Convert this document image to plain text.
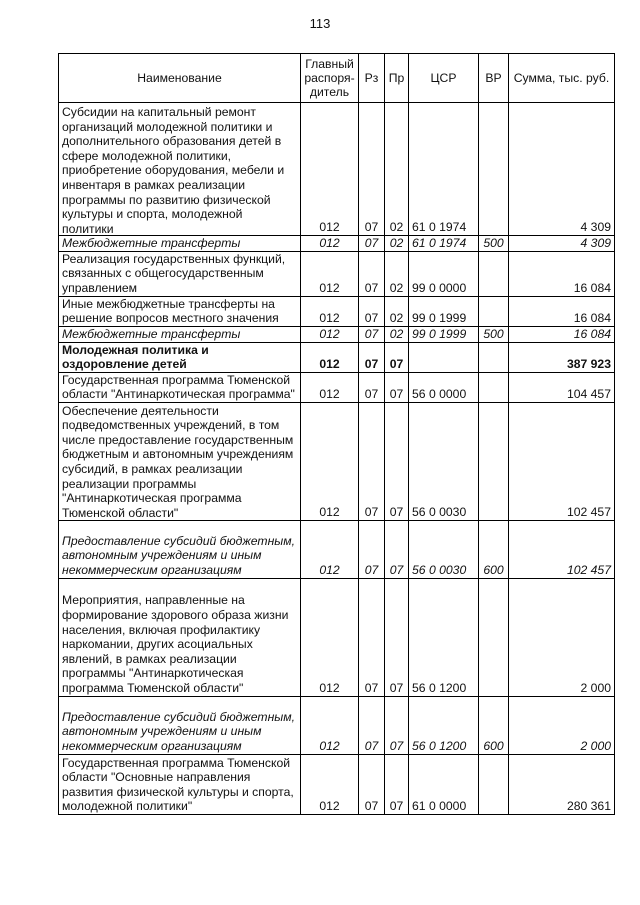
113
Наименование	Главный распоря-дитель	Рз	Пр	ЦСР	ВР	Сумма, тыс. руб.

Субсидии на капитальный ремонт организаций молодежной политики и дополнительного образования детей в сфере молодежной политики, приобретение оборудования, мебели и инвентаря в рамках реализации программы по развитию физической культуры и спорта, молодежной политики	012	07	02	61 0 1974		4 309

Межбюджетные трансферты	012	07	02	61 0 1974	500	4 309

Реализация государственных функций, связанных с общегосударственным управлением	012	07	02	99 0 0000		16 084

Иные межбюджетные трансферты на решение вопросов местного значения	012	07	02	99 0 1999		16 084

Межбюджетные трансферты	012	07	02	99 0 1999	500	16 084

Молодежная политика и оздоровление детей	012	07	07			387 923

Государственная программа Тюменской области "Антинаркотическая программа"	012	07	07	56 0 0000		104 457

Обеспечение деятельности подведомственных учреждений, в том числе предоставление государственным бюджетным и автономным учреждениям субсидий, в рамках реализации реализации программы "Антинаркотическая программа Тюменской области"	012	07	07	56 0 0030		102 457

Предоставление субсидий бюджетным, автономным учреждениям и иным некоммерческим организациям	012	07	07	56 0 0030	600	102 457

Мероприятия, направленные на формирование здорового образа жизни населения, включая профилактику наркомании, других асоциальных явлений, в рамках реализации программы "Антинаркотическая программа Тюменской области"	012	07	07	56 0 1200		2 000

Предоставление субсидий бюджетным, автономным учреждениям и иным некоммерческим организациям	012	07	07	56 0 1200	600	2 000

Государственная программа Тюменской области "Основные направления развития физической культуры и спорта, молодежной политики"	012	07	07	61 0 0000		280 361
